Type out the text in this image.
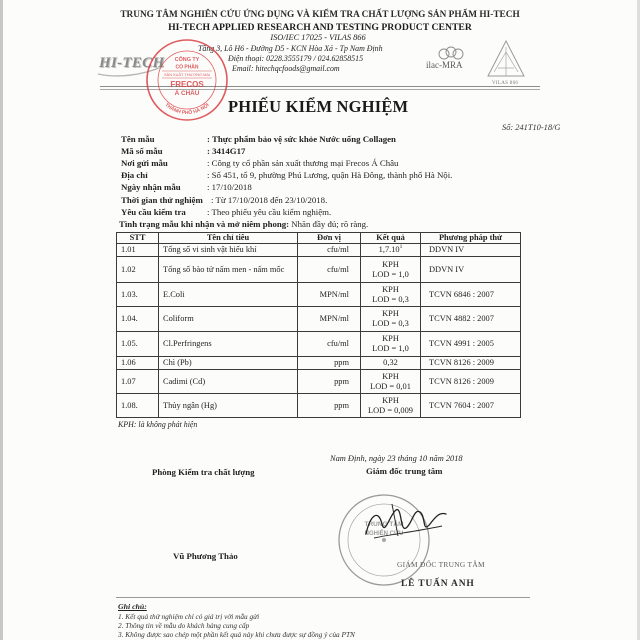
TRUNG TÂM NGHIÊN CỨU ỨNG DỤNG VÀ KIỂM TRA CHẤT LƯỢNG SẢN PHẨM HI-TECH
HI-TECH APPLIED RESEARCH AND TESTING PRODUCT CENTER
ISO/IEC 17025 - VILAS 866
Tầng 3, Lô H6 - Đường D5 - KCN Hòa Xá - Tp Nam Định
Điện thoại: 0228.3555179 / 024.62858515
Email: hitechqcfoods@gmail.com
HI-TECH	ilac-MRA
VILAS 866
CÔNG TY
CỔ PHẦN
SẢN XUẤT THƯƠNG MẠI
FRECOS
Á CHÂU
THÀNH PHỐ HÀ NỘI PHIẾU KIỂM NGHIỆM
Số: 241T10-18/G
Tên mẫu	: Thực phẩm bảo vệ sức khỏe Nước uống Collagen
Mã số mẫu	: 3414G17
Nơi gửi mẫu	: Công ty cổ phần sản xuất thương mại Frecos Á Châu
Địa chỉ	: Số 451, tổ 9, phường Phú Lương, quận Hà Đông, thành phố Hà Nội.
Ngày nhận mẫu	: 17/10/2018
Thời gian thử nghiệm : Từ 17/10/2018 đến 23/10/2018.
Yêu cầu kiểm tra : Theo phiếu yêu cầu kiểm nghiệm.
Tình trạng mẫu khi nhận và mở niêm phong: Nhãn đầy đủ; rõ ràng.
STT	Tên chỉ tiêu	Đơn vị	Kết quả	Phương pháp thử
1.01	Tổng số vi sinh vật hiếu khí	cfu/ml	1,7.10$^1$	DDVN IV
1.02	Tổng số bào tử nấm men - nấm mốc	cfu/ml	KPH
LOD = 1,0	DDVN IV
1.03.	E.Coli	MPN/ml	KPH
LOD = 0,3	TCVN 6846 : 2007
1.04.	Coliform	MPN/ml	KPH
LOD = 0,3	TCVN 4882 : 2007
1.05.	Cl.Perfringens	cfu/ml	KPH
LOD = 1,0	TCVN 4991 : 2005
1.06	Chì (Pb)	ppm	0,32	TCVN 8126 : 2009
1.07	Cadimi (Cd)	ppm	KPH
LOD = 0,01	TCVN 8126 : 2009
1.08.	Thủy ngân (Hg)	ppm	KPH
LOD = 0,009	TCVN 7604 : 2007
KPH: là không phát hiện
Nam Định, ngày 23 tháng 10 năm 2018
Phòng Kiểm tra chất lượng	Giám đốc trung tâm
TRUNG TÂM
NGHIÊN CỨU
Vũ Phương Thảo
GIÁM ĐỐC TRUNG TÂM
LÊ TUẤN ANH
Ghi chú:
1. Kết quả thử nghiệm chỉ có giá trị với mẫu gửi
2. Thông tin về mẫu do khách hàng cung cấp
3. Không được sao chép một phần kết quả này khi chưa được sự đồng ý của PTN
